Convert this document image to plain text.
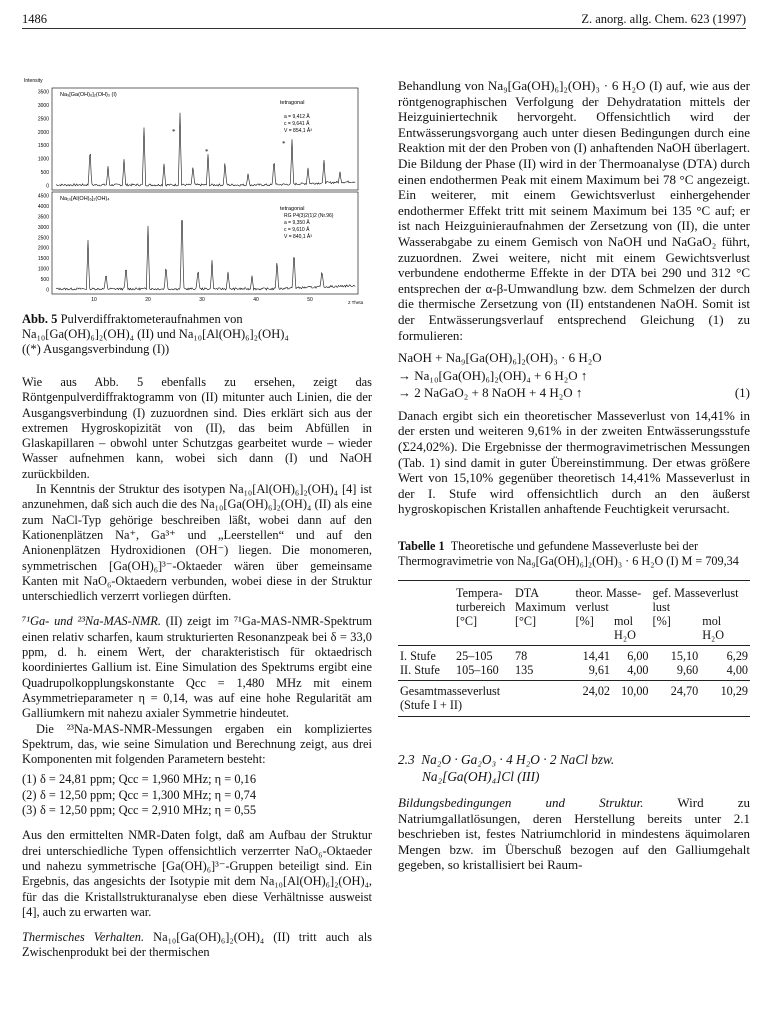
1486	Z. anorg. allg. Chem. 623 (1997)
Intensity
3500
3000
2500
2000
1500
1000
500
0
Na₉[Ga(OH)₆]₂(OH)₃ (I)
tetragonal
a = 9,412 Å
c = 9,641 Å
V = 854,1 Å³
*
*
*
4500
4000
3500
3000
2500
2000
1500
1000
500
0
Na₁₀[Al(OH)₆]₂(OH)₄
tetragonal
RG P4(3)2(1)2 (Nr.96)
a = 9,350 Å
c = 9,610 Å
V = 840,1 Å³
10	20	30	40	50	2 Theta
Abb. 5 Pulverdiffraktometeraufnahmen von
Na₁₀[Ga(OH)₆]₂(OH)₄ (II) und Na₁₀[Al(OH)₆]₂(OH)₄
((*) Ausgangsverbindung (I))

Wie aus Abb. 5 ebenfalls zu ersehen, zeigt das Röntgenpulverdiffraktogramm von (II) mitunter auch Linien, die der Ausgangsverbindung (I) zuzuordnen sind. Dies erklärt sich aus der extremen Hygroskopizität von (II), das beim Abfüllen in Glaskapillaren – obwohl unter Schutzgas gearbeitet wurde – wieder Wasser aufnehmen kann, wobei sich dann (I) und NaOH zurückbilden.

In Kenntnis der Struktur des isotypen Na₁₀[Al(OH)₆]₂(OH)₄ [4] ist anzunehmen, daß sich auch die des Na₁₀[Ga(OH)₆]₂(OH)₄ (II) als eine zum NaCl-Typ gehörige beschreiben läßt, wobei dann auf den Kationenplätzen Na⁺, Ga³⁺ und „Leerstellen“ und auf den Anionenplätzen Hydroxidionen (OH⁻) liegen. Die monomeren, symmetrischen [Ga(OH)₆]³⁻-Oktaeder wären über gemeinsame Kanten mit NaO₆-Oktaedern verbunden, wobei diese in der Struktur unterschiedlich verzerrt vorliegen dürften.

⁷¹Ga- und ²³Na-MAS-NMR. (II) zeigt im ⁷¹Ga-MAS-NMR-Spektrum einen relativ scharfen, kaum strukturierten Resonanzpeak bei δ = 33,0 ppm, d. h. einem Wert, der charakteristisch für oktaedrisch koordiniertes Gallium ist. Eine Simulation des Spektrums ergibt eine Quadrupolkopplungskonstante Qcc = 1,480 MHz mit einem Asymmetrieparameter η = 0,14, was auf eine hohe Regularität am Galliumkern mit nahezu axialer Symmetrie hindeutet.

Die ²³Na-MAS-NMR-Messungen ergaben ein kompliziertes Spektrum, das, wie seine Simulation und Berechnung zeigt, aus drei Komponenten mit folgenden Parametern besteht:

(1) δ = 24,81 ppm; Qcc = 1,960 MHz; η = 0,16
(2) δ = 12,50 ppm; Qcc = 1,300 MHz; η = 0,74
(3) δ = 12,50 ppm; Qcc = 2,910 MHz; η = 0,55

Aus den ermittelten NMR-Daten folgt, daß am Aufbau der Struktur drei unterschiedliche Typen offensichtlich verzerrter NaO₆-Oktaeder und nahezu symmetrische [Ga(OH)₆]³⁻-Gruppen beteiligt sind. Ein Ergebnis, das angesichts der Isotypie mit dem Na₁₀[Al(OH)₆]₂(OH)₄, für das die Kristallstrukturanalyse eben diese Verhältnisse ausweist [4], auch zu erwarten war.

Thermisches Verhalten. Na₁₀[Ga(OH)₆]₂(OH)₄ (II) tritt auch als Zwischenprodukt bei der thermischen

Behandlung von Na₉[Ga(OH)₆]₂(OH)₃ · 6 H₂O (I) auf, wie aus der röntgenographischen Verfolgung der Dehydratation mittels der Heizguiniertechnik hervorgeht. Offensichtlich wird der Entwässerungsvorgang auch unter diesen Bedingungen durch eine Reaktion mit der den Proben von (I) anhaftenden NaOH überlagert. Die Bildung der Phase (II) wird in der Thermoanalyse (DTA) durch einen endothermen Peak mit einem Maximum bei 78 °C angezeigt. Ein weiterer, mit einem Gewichtsverlust einhergehender endothermer Effekt tritt mit seinem Maximum bei 135 °C auf; er ist nach Heizguinieraufnahmen der Zersetzung von (II), die unter Wasserabgabe zu einem Gemisch von NaOH und NaGaO₂ führt, zuzuordnen. Zwei weitere, nicht mit einem Gewichtsverlust verbundene endotherme Effekte in der DTA bei 290 und 312 °C entsprechen der α-β-Umwandlung bzw. dem Schmelzen der durch die thermische Zersetzung von (II) entstandenen NaOH. Somit ist der Entwässerungsverlauf entsprechend Gleichung (1) zu formulieren:

NaOH + Na₉[Ga(OH)₆]₂(OH)₃ · 6 H₂O

→ Na₁₀[Ga(OH)₆]₂(OH)₄ + 6 H₂O ↑

(1)
→ 2 NaGaO₂ + 8 NaOH + 4 H₂O ↑

Danach ergibt sich ein theoretischer Masseverlust von 14,41% in der ersten und weiteren 9,61% in der zweiten Entwässerungsstufe (Σ24,02%). Die Ergebnisse der thermogravimetrischen Messungen (Tab. 1) sind damit in guter Übereinstimmung. Der etwas größere Wert von 15,10% gegenüber theoretisch 14,41% Masseverlust in der I. Stufe wird offensichtlich durch an den äußerst hygroskopischen Kristallen anhaftende Feuchtigkeit verursacht.

Tabelle 1 Theoretische und gefundene Masseverluste bei der Thermogravimetrie von Na₉[Ga(OH)₆]₂(OH)₃ · 6 H₂O (I) M = 709,34

	Tempera-		DTA	theor. Masse-		gef. Masseverlust	
	turbereich		Maximum	verlust		lust	
	[°C]		[°C]	[%]	mol	[%]	mol
					H₂O		H₂O
I. Stufe	25–105		78	14,41	6,00	15,10	6,29
II. Stufe	105–160		135	9,61	4,00	9,60	4,00
Gesamtmasseverlust				24,02	10,00	24,70	10,29
(Stufe I + II)							

2.3 Na₂O · Ga₂O₃ · 4 H₂O · 2 NaCl bzw.

Na₂[Ga(OH)₄]Cl (III)

Bildungsbedingungen und Struktur.	Wird zu Natriumgallatlösungen, deren Herstellung bereits unter 2.1 beschrieben ist, festes Natriumchlorid in mindestens äquimolaren Mengen bzw. im Überschuß bezogen auf den Galliumgehalt gegeben, so kristallisiert bei Raum-
